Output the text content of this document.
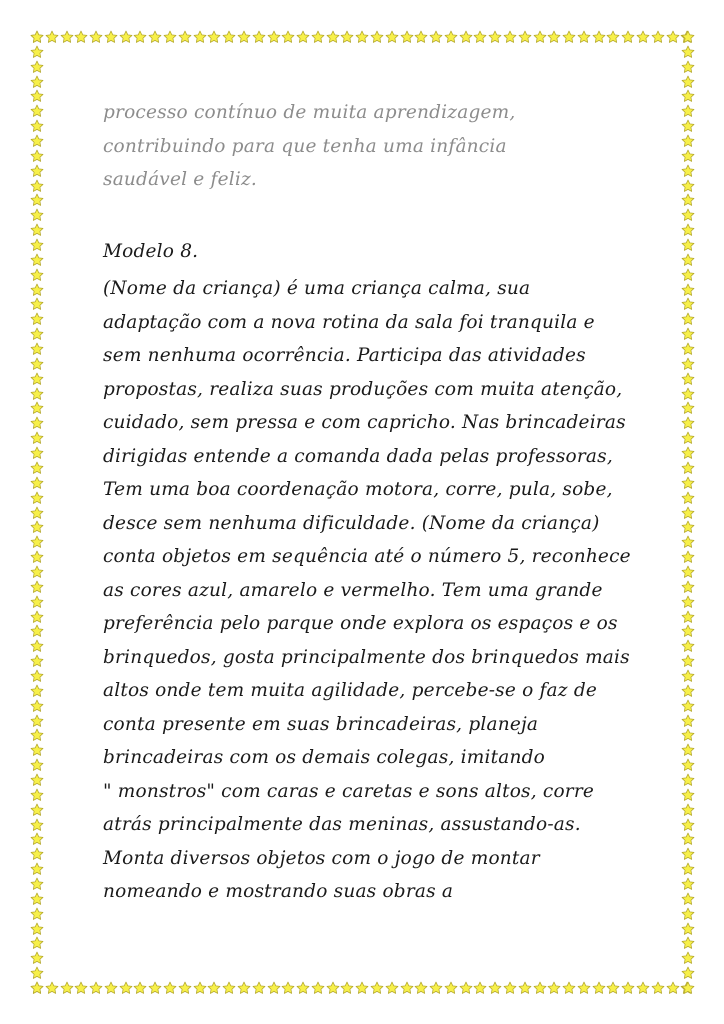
processo contínuo de muita aprendizagem,
contribuindo para que tenha uma infância
saudável e feliz.
Modelo 8.
(Nome da criança) é uma criança calma, sua
adaptação com a nova rotina da sala foi tranquila e
sem nenhuma ocorrência. Participa das atividades
propostas, realiza suas produções com muita atenção,
cuidado, sem pressa e com capricho. Nas brincadeiras
dirigidas entende a comanda dada pelas professoras,
Tem uma boa coordenação motora, corre, pula, sobe,
desce sem nenhuma dificuldade. (Nome da criança)
conta objetos em sequência até o número 5, reconhece
as cores azul, amarelo e vermelho. Tem uma grande
preferência pelo parque onde explora os espaços e os
brinquedos, gosta principalmente dos brinquedos mais
altos onde tem muita agilidade, percebe-se o faz de
conta presente em suas brincadeiras, planeja
brincadeiras com os demais colegas, imitando
" monstros" com caras e caretas e sons altos, corre
atrás principalmente das meninas, assustando-as.
Monta diversos objetos com o jogo de montar
nomeando e mostrando suas obras a
